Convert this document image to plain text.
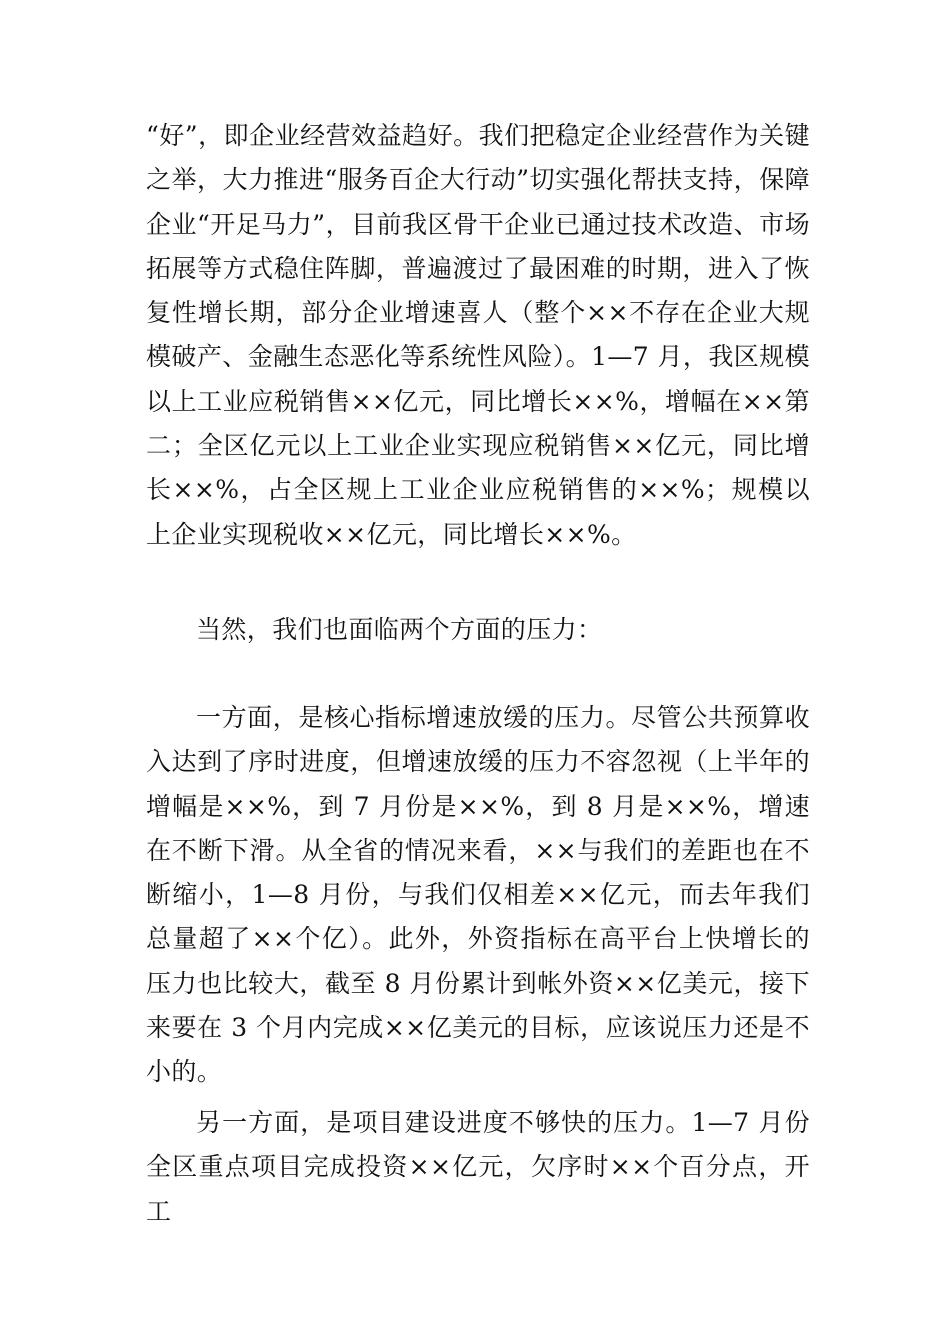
“好”，即企业经营效益趋好。我们把稳定企业经营作为关键之举，大力推进“服务百企大行动”切实强化帮扶支持，保障企业“开足马力”，目前我区骨干企业已通过技术改造、市场拓展等方式稳住阵脚，普遍渡过了最困难的时期，进入了恢复性增长期，部分企业增速喜人（整个××不存在企业大规模破产、金融生态恶化等系统性风险）。1—7 月，我区规模以上工业应税销售××亿元，同比增长××%，增幅在××第二；全区亿元以上工业企业实现应税销售××亿元，同比增长××%，占全区规上工业企业应税销售的××%；规模以上企业实现税收××亿元，同比增长××%。

当然，我们也面临两个方面的压力：

一方面，是核心指标增速放缓的压力。尽管公共预算收入达到了序时进度，但增速放缓的压力不容忽视（上半年的增幅是××%，到 7 月份是××%，到 8 月是××%，增速在不断下滑。从全省的情况来看，××与我们的差距也在不断缩小，1—8 月份，与我们仅相差××亿元，而去年我们总量超了××个亿）。此外，外资指标在高平台上快增长的压力也比较大，截至 8 月份累计到帐外资××亿美元，接下来要在 3 个月内完成××亿美元的目标，应该说压力还是不小的。

另一方面，是项目建设进度不够快的压力。1—7 月份全区重点项目完成投资××亿元，欠序时××个百分点，开工
